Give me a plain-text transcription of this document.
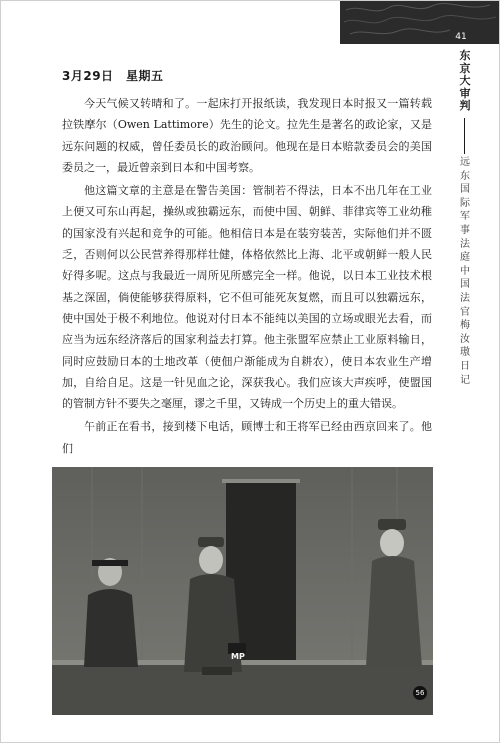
41
东京大审判
远东国际军事法庭中国法官梅汝璈日记
3月29日　星期五

今天气候又转晴和了。一起床打开报纸读，我发现日本时报又一篇转载拉铁摩尔（Owen Lattimore）先生的论文。拉先生是著名的政论家，又是远东问题的权威，曾任委员长的政治顾问。他现在是日本赔款委员会的美国委员之一，最近曾亲到日本和中国考察。

他这篇文章的主意是在警告美国：管制若不得法，日本不出几年在工业上便又可东山再起，操纵或独霸远东，而使中国、朝鲜、菲律宾等工业幼稚的国家没有兴起和竞争的可能。他相信日本是在装穷装苦，实际他们并不匮乏，否则何以公民营养得那样壮健，体格依然比上海、北平或朝鲜一般人民好得多呢。这点与我最近一周所见所感完全一样。他说，以日本工业技术根基之深固，倘使能够获得原料，它不但可能死灰复燃，而且可以独霸远东，使中国处于极不利地位。他说对付日本不能纯以美国的立场或眼光去看，而应当为远东经济落后的国家利益去打算。他主张盟军应禁止工业原料输日，同时应鼓励日本的土地改革（使佃户渐能成为自耕农），使日本农业生产增加，自给自足。这是一针见血之论，深获我心。我们应该大声疾呼，使盟国的管制方针不要失之毫厘，谬之千里，又铸成一个历史上的重大错误。

午前正在看书，接到楼下电话，顾博士和王将军已经由西京回来了。他们

MP
56
